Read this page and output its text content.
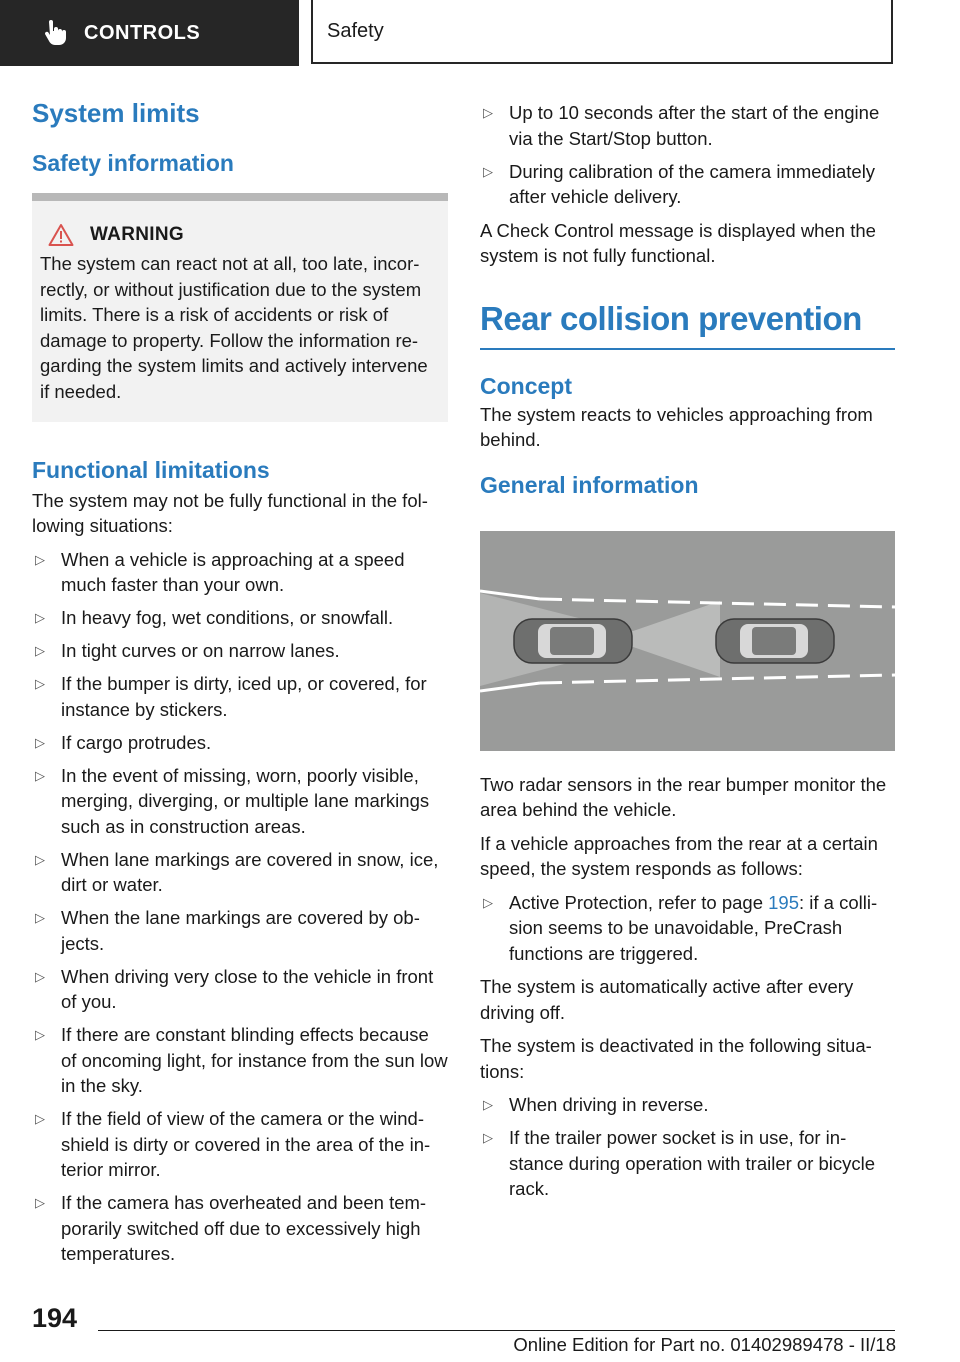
CONTROLS	Safety
System limits
Safety information
WARNING
The system can react not at all, too late, incor-rectly, or without justification due to the system limits. There is a risk of accidents or risk of damage to property. Follow the information re-garding the system limits and actively intervene if needed.
Functional limitations

The system may not be fully functional in the fol-lowing situations:

▷ When a vehicle is approaching at a speed much faster than your own.
▷ In heavy fog, wet conditions, or snowfall.
▷ In tight curves or on narrow lanes.
▷ If the bumper is dirty, iced up, or covered, for instance by stickers.
▷ If cargo protrudes.
▷ In the event of missing, worn, poorly visible, merging, diverging, or multiple lane markings such as in construction areas.
▷ When lane markings are covered in snow, ice, dirt or water.
▷ When the lane markings are covered by ob-jects.
▷ When driving very close to the vehicle in front of you.
▷ If there are constant blinding effects because of oncoming light, for instance from the sun low in the sky.
▷ If the field of view of the camera or the wind-shield is dirty or covered in the area of the in-terior mirror.
▷ If the camera has overheated and been tem-porarily switched off due to excessively high temperatures.
▷ Up to 10 seconds after the start of the engine via the Start/Stop button.
▷ During calibration of the camera immediately after vehicle delivery.

A Check Control message is displayed when the system is not fully functional.

Rear collision prevention
Concept

The system reacts to vehicles approaching from behind.

General information

Two radar sensors in the rear bumper monitor the area behind the vehicle.

If a vehicle approaches from the rear at a certain speed, the system responds as follows:

▷ Active Protection, refer to page 195: if a colli-sion seems to be unavoidable, PreCrash functions are triggered.

The system is automatically active after every driving off.

The system is deactivated in the following situa-tions:

▷ When driving in reverse.
▷ If the trailer power socket is in use, for in-stance during operation with trailer or bicycle rack.
194
Online Edition for Part no. 01402989478 - II/18
